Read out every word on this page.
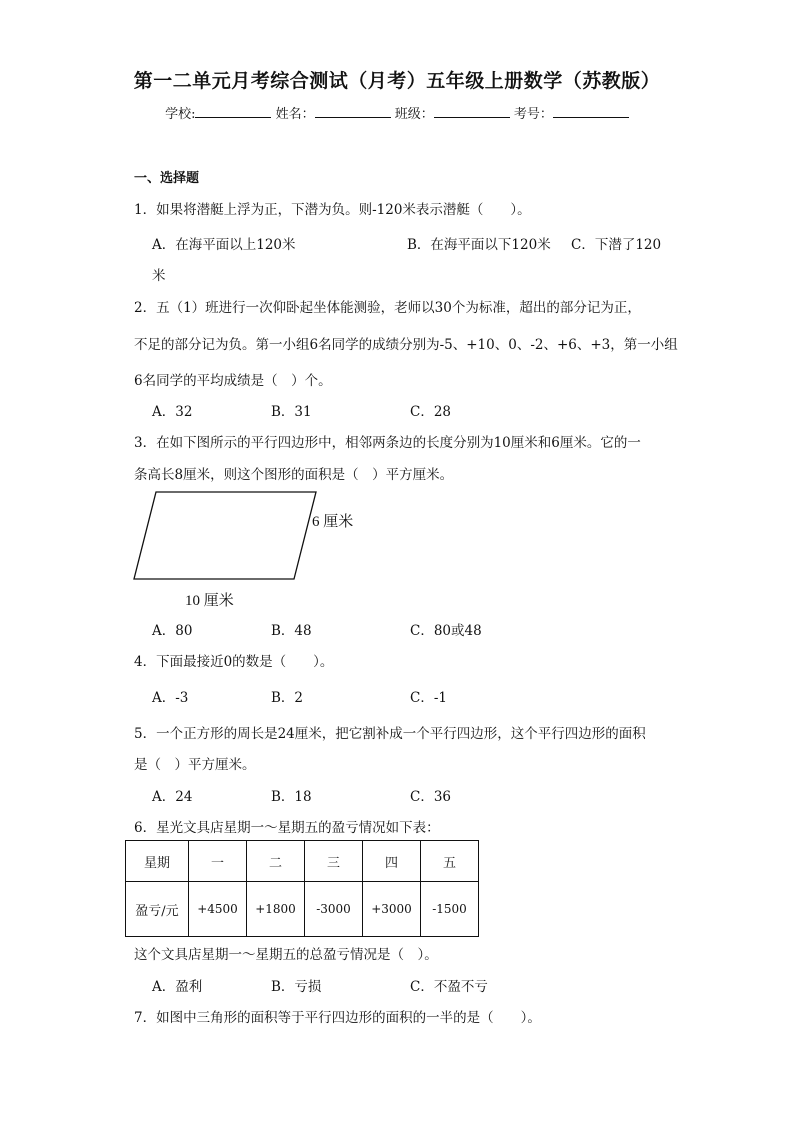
第一二单元月考综合测试（月考）五年级上册数学（苏教版）
学校:	姓名：	班级：	考号：
一、选择题
1．如果将潜艇上浮为正，下潜为负。则-120米表示潜艇（　　）。
A．在海平面以上120米	B．在海平面以下120米 C．下潜了120
米
2．五（1）班进行一次仰卧起坐体能测验，老师以30个为标准，超出的部分记为正，
不足的部分记为负。第一小组6名同学的成绩分别为-5、+10、0、-2、+6、+3，第一小组
6名同学的平均成绩是（　）个。
A．32	B．31	C．28
3．在如下图所示的平行四边形中，相邻两条边的长度分别为10厘米和6厘米。它的一
条高长8厘米，则这个图形的面积是（　）平方厘米。
6 厘米
10 厘米
A．80	B．48	C．80或48
4．下面最接近0的数是（　　）。
A．-3	B．2	C．-1
5．一个正方形的周长是24厘米，把它割补成一个平行四边形，这个平行四边形的面积
是（　）平方厘米。
A．24	B．18	C．36
6．星光文具店星期一～星期五的盈亏情况如下表：
星期	一	二	三	四	五
盈亏/元	+4500	+1800	-3000	+3000	-1500
这个文具店星期一～星期五的总盈亏情况是（　）。
A．盈利	B．亏损	C．不盈不亏
7．如图中三角形的面积等于平行四边形的面积的一半的是（　　）。
